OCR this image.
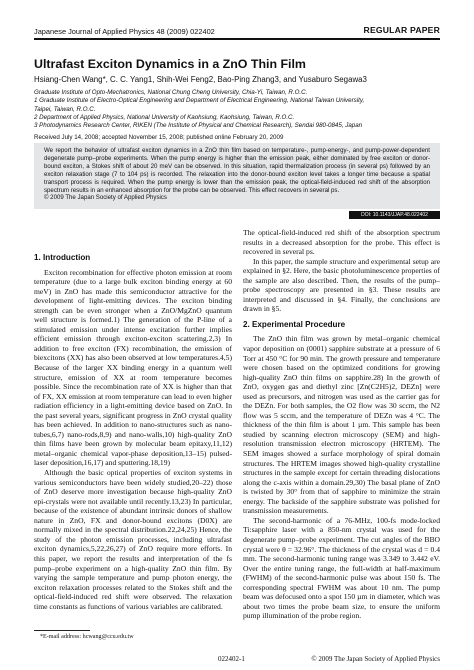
Japanese Journal of Applied Physics 48 (2009) 022402	REGULAR PAPER
Ultrafast Exciton Dynamics in a ZnO Thin Film
Hsiang-Chen Wang*, C. C. Yang1, Shih-Wei Feng2, Bao-Ping Zhang3, and Yusaburo Segawa3

Graduate Institute of Opto-Mechatronics, National Chung Cheng University, Chia-Yi, Taiwan, R.O.C.

1 Graduate Institute of Electro-Optical Engineering and Department of Electrical Engineering, National Taiwan University,

Taipei, Taiwan, R.O.C.

2 Department of Applied Physics, National University of Kaohsiung, Kaohsiung, Taiwan, R.O.C.

3 Photodynamics Research Center, RIKEN (The Institute of Physical and Chemical Research), Sendai 980-0845, Japan

Received July 14, 2008; accepted November 15, 2008; published online February 20, 2009

We report the behavior of ultrafast exciton dynamics in a ZnO thin film based on temperature-, pump-energy-, and pump-power-dependent degenerate pump–probe experiments. When the pump energy is higher than the emission peak, either dominated by free exciton or donor-bound exciton, a Stokes shift of about 20 meV can be observed. In this situation, rapid thermalization process (in several ps) followed by an exciton relaxation stage (7 to 104 ps) is recorded. The relaxation into the donor-bound exciton level takes a longer time because a spatial transport process is required. When the pump energy is lower than the emission peak, the optical-field-induced red shift of the absorption spectrum results in an enhanced absorption for the probe can be observed. This effect recovers in several ps.

© 2009 The Japan Society of Applied Physics

DOI: 10.1143/JJAP.48.022402

1. Introduction

Exciton recombination for effective photon emission at room temperature (due to a large bulk exciton binding energy at 60 meV) in ZnO has made this semiconductor attractive for the development of light-emitting devices. The exciton binding strength can be even stronger when a ZnO/MgZnO quantum well structure is formed.1) The generation of the P-line of a stimulated emission under intense excitation further implies efficient emission through exciton-exciton scattering.2,3) In addition to free exciton (FX) recombination, the emission of biexcitons (XX) has also been observed at low temperatures.4,5) Because of the larger XX binding energy in a quantum well structure, emission of XX at room temperature becomes possible. Since the recombination rate of XX is higher than that of FX, XX emission at room temperature can lead to even higher radiation efficiency in a light-emitting device based on ZnO. In the past several years, significant progress in ZnO crystal quality has been achieved. In addition to nano-structures such as nano-tubes,6,7) nano-rods,8,9) and nano-walls,10) high-quality ZnO thin films have been grown by molecular beam epitaxy,11,12) metal–organic chemical vapor-phase deposition,13–15) pulsed-laser deposition,16,17) and sputtering.18,19)

Although the basic optical properties of exciton systems in various semiconductors have been widely studied,20–22) those of ZnO deserve more investigation because high-quality ZnO epi-crystals were not available until recently.13,23) In particular, because of the existence of abundant intrinsic donors of shallow nature in ZnO, FX and donor-bound excitons (D0X) are normally mixed in the spectral distribution.22,24,25) Hence, the study of the photon emission processes, including ultrafast exciton dynamics,5,22,26,27) of ZnO require more efforts. In this paper, we report the results and interpretation of the fs pump–probe experiment on a high-quality ZnO thin film. By varying the sample temperature and pump photon energy, the exciton relaxation processes related to the Stokes shift and the optical-field-induced red shift were observed. The relaxation time constants as functions of various variables are calibrated.

The optical-field-induced red shift of the absorption spectrum results in a decreased absorption for the probe. This effect is recovered in several ps.

In this paper, the sample structure and experimental setup are explained in §2. Here, the basic photoluminescence properties of the sample are also described. Then, the results of the pump–probe spectroscopy are presented in §3. These results are interpreted and discussed in §4. Finally, the conclusions are drawn in §5.

2. Experimental Procedure

The ZnO thin film was grown by metal–organic chemical vapor deposition on (0001) sapphire substrate at a pressure of 6 Torr at 450 °C for 90 min. The growth pressure and temperature were chosen based on the optimized conditions for growing high-quality ZnO thin films on sapphire.28) In the growth of ZnO, oxygen gas and diethyl zinc [Zn(C2H5)2, DEZn] were used as precursors, and nitrogen was used as the carrier gas for the DEZn. For both samples, the O2 flow was 30 sccm, the N2 flow was 5 sccm, and the temperature of DEZn was 4 °C. The thickness of the thin film is about 1 µm. This sample has been studied by scanning electron microscopy (SEM) and high-resolution transmission electron microscopy (HRTEM). The SEM images showed a surface morphology of spiral domain structures. The HRTEM images showed high-quality crystalline structures in the sample except for certain threading dislocations along the c-axis within a domain.29,30) The basal plane of ZnO is twisted by 30° from that of sapphire to minimize the strain energy. The backside of the sapphire substrate was polished for transmission measurements.

The second-harmonic of a 76-MHz, 100-fs mode-locked Ti:sapphire laser with a 850-nm crystal was used for the degenerate pump–probe experiment. The cut angles of the BBO crystal were θ = 32.96°. The thickness of the crystal was d = 0.4 mm. The second-harmonic tuning range was 3.349 to 3.442 eV. Over the entire tuning range, the full-width at half-maximum (FWHM) of the second-harmonic pulse was about 150 fs. The corresponding spectral FWHM was about 10 nm. The pump beam was defocused onto a spot 150 µm in diameter, which was about two times the probe beam size, to ensure the uniform pump illumination of the probe region.

*E-mail address: hcwang@ccu.edu.tw
022402-1	© 2009 The Japan Society of Applied Physics
